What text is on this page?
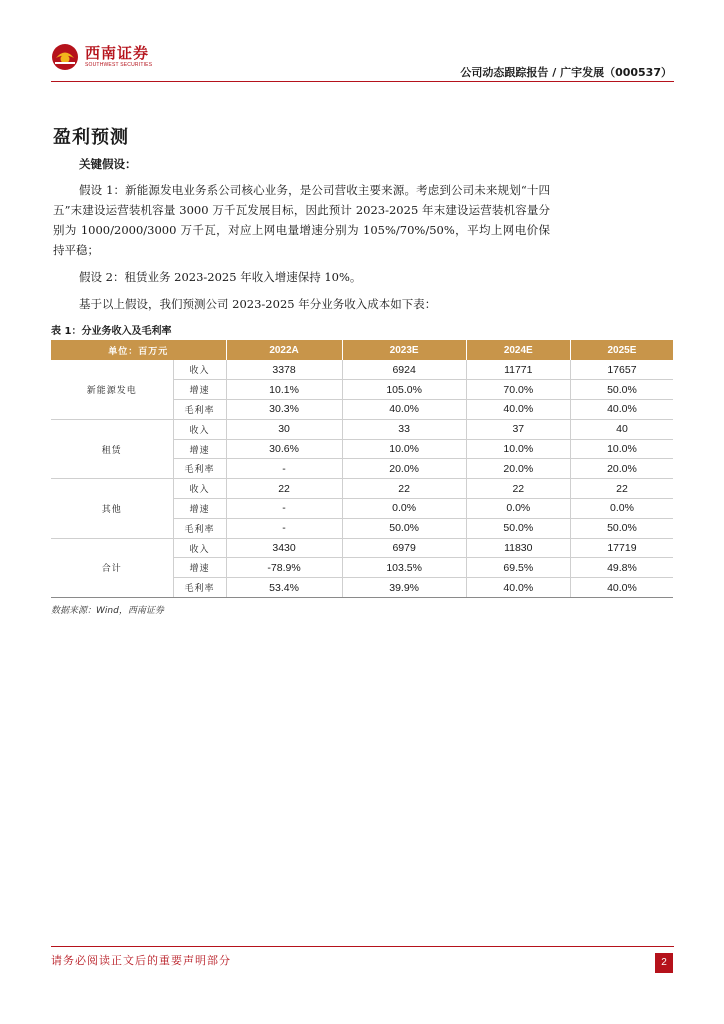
西南证券
SOUTHWEST SECURITIES
公司动态跟踪报告 / 广宇发展（000537）
盈利预测
关键假设：

假设 1：新能源发电业务系公司核心业务，是公司营收主要来源。考虑到公司未来规划“十四五”末建设运营装机容量 3000 万千瓦发展目标，因此预计 2023-2025 年末建设运营装机容量分别为 1000/2000/3000 万千瓦，对应上网电量增速分别为 105%/70%/50%，平均上网电价保持平稳；

假设 2：租赁业务 2023-2025 年收入增速保持 10%。

基于以上假设，我们预测公司 2023-2025 年分业务收入成本如下表：

表 1：分业务收入及毛利率
单位：百万元		2022A	2023E	2024E	2025E
新能源发电	收入	3378	6924	11771	17657
	增速	10.1%	105.0%	70.0%	50.0%
	毛利率	30.3%	40.0%	40.0%	40.0%
租赁	收入	30	33	37	40
	增速	30.6%	10.0%	10.0%	10.0%
	毛利率	-	20.0%	20.0%	20.0%
其他	收入	22	22	22	22
	增速	-	0.0%	0.0%	0.0%
	毛利率	-	50.0%	50.0%	50.0%
合计	收入	3430	6979	11830	17719
	增速	-78.9%	103.5%	69.5%	49.8%
	毛利率	53.4%	39.9%	40.0%	40.0%
数据来源：Wind，西南证券
请务必阅读正文后的重要声明部分	2
